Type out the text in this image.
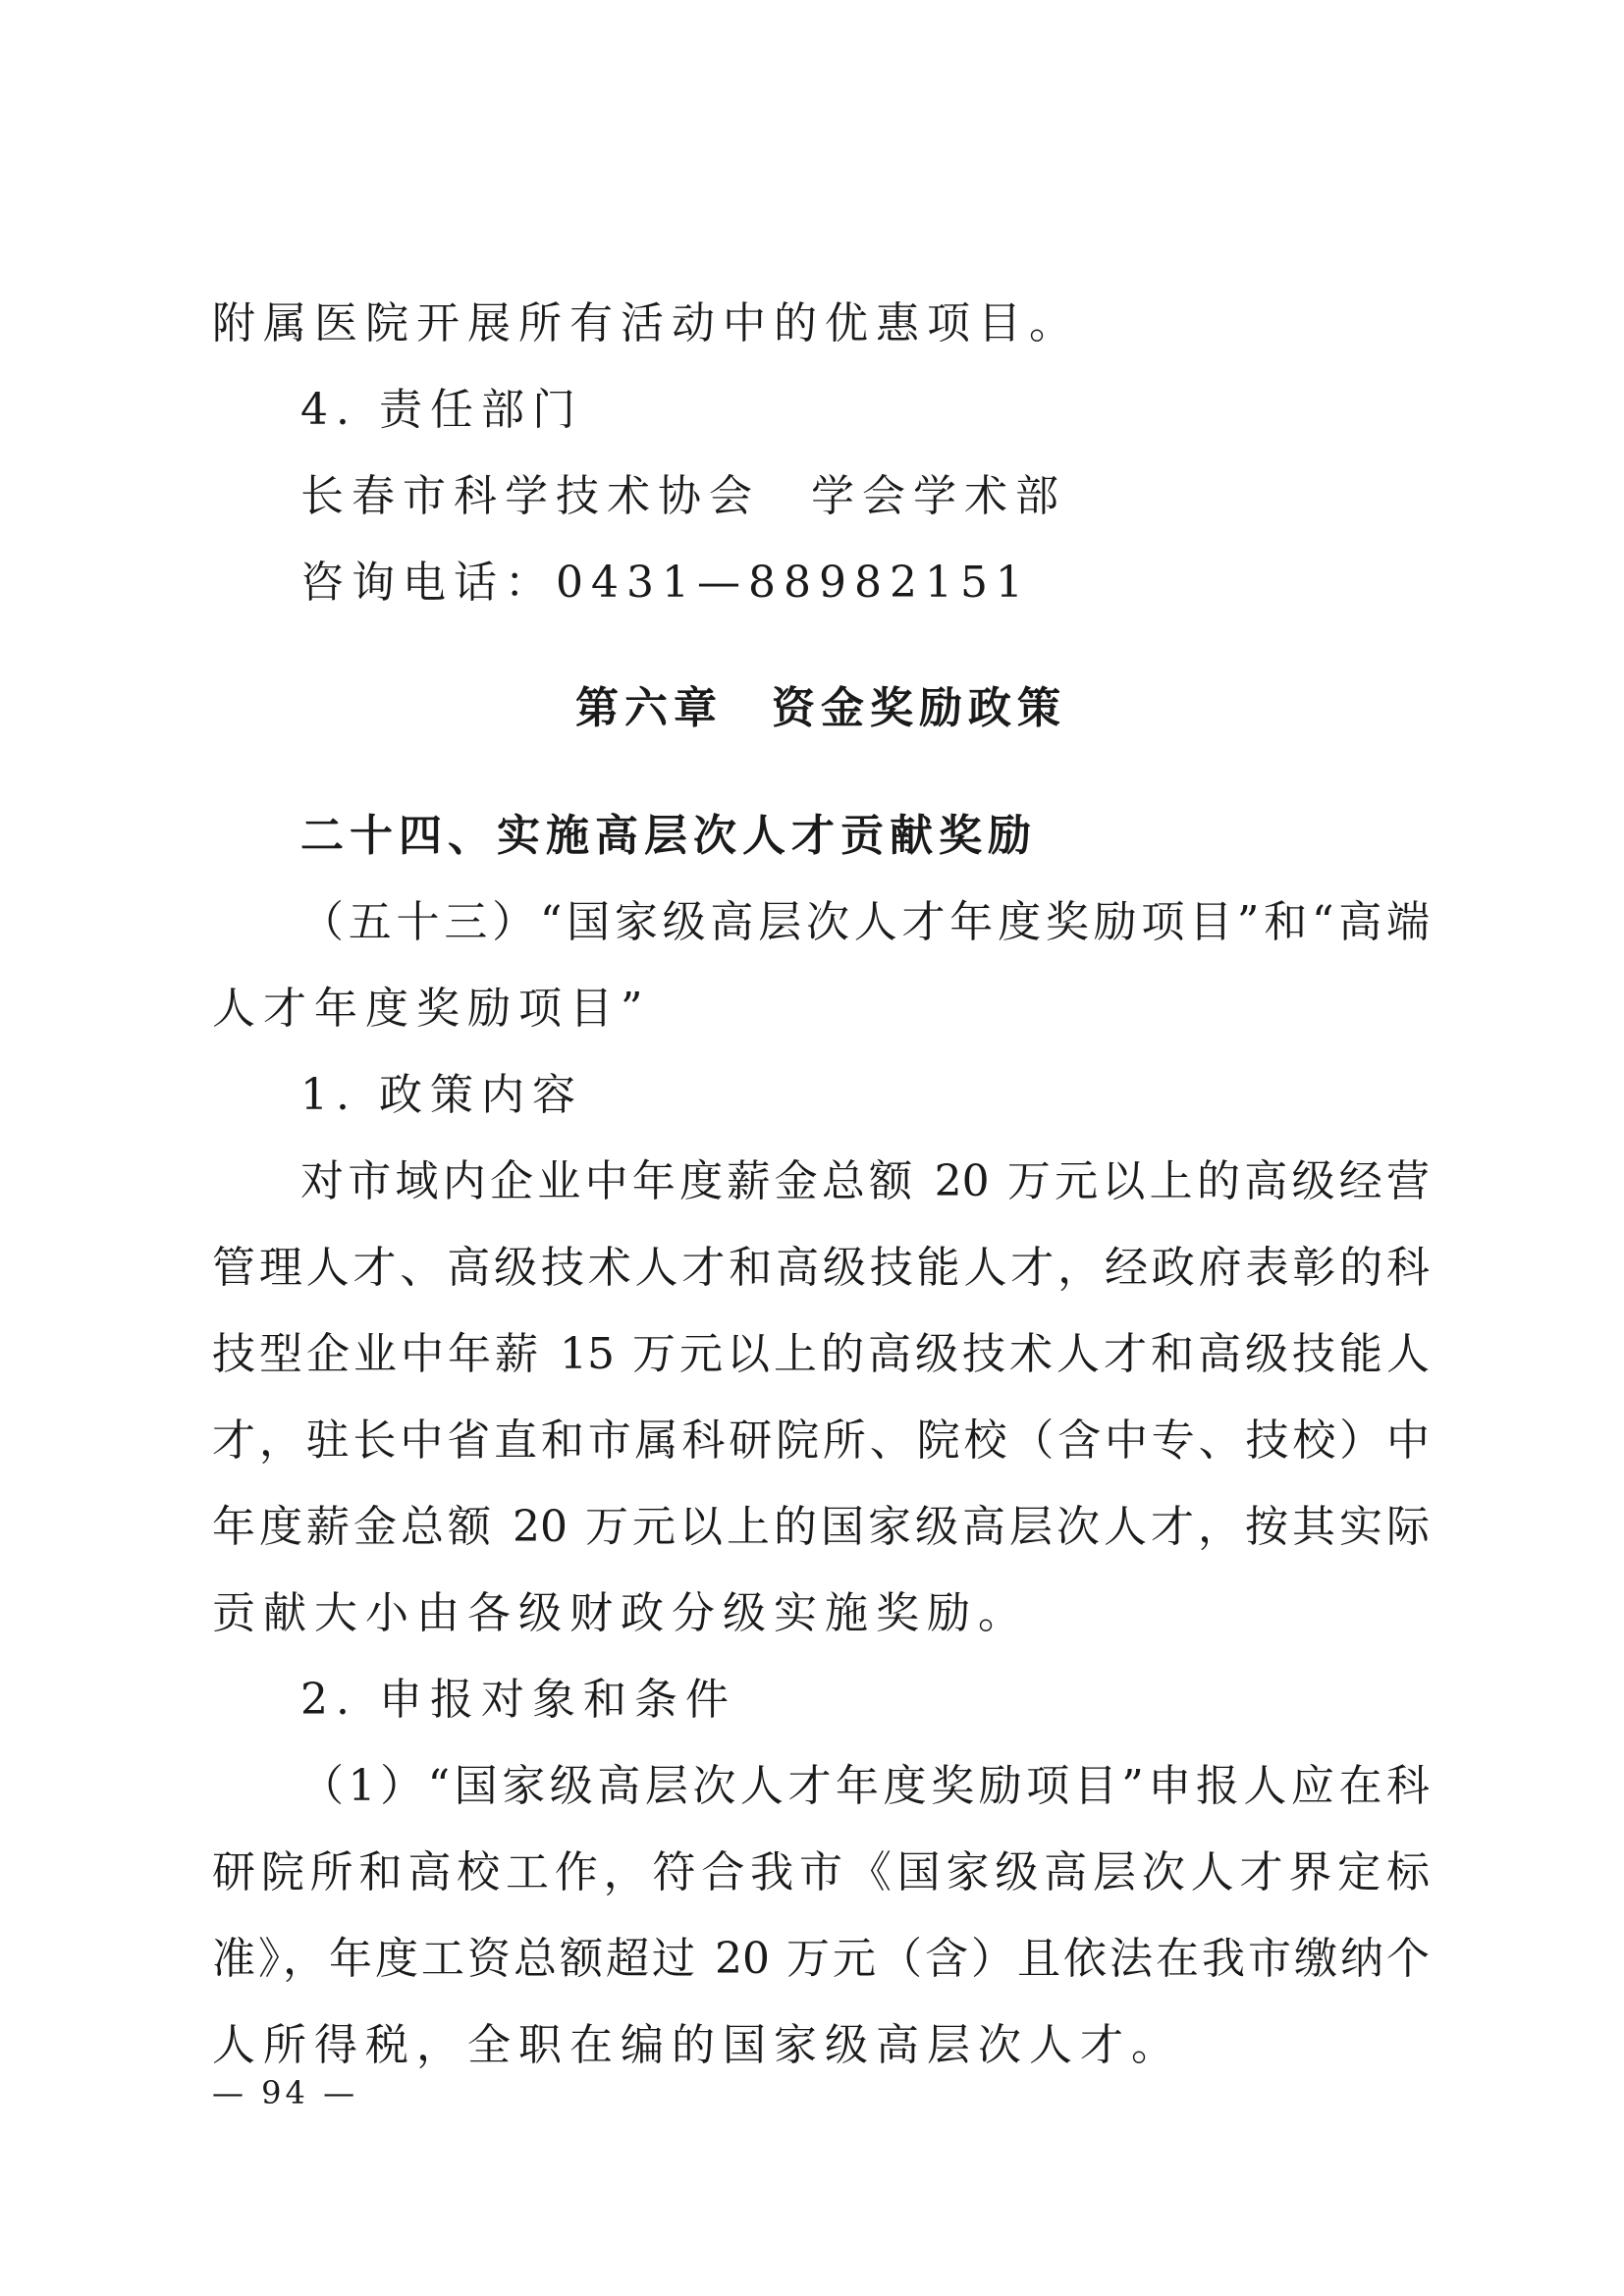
附属医院开展所有活动中的优惠项目。
4. 责任部门
长春市科学技术协会　学会学术部
咨询电话：0431—88982151
第六章　资金奖励政策
二十四、实施高层次人才贡献奖励
（五十三）“国家级高层次人才年度奖励项目”和“高端
人才年度奖励项目”
1. 政策内容
对市域内企业中年度薪金总额 20 万元以上的高级经营
管理人才、高级技术人才和高级技能人才，经政府表彰的科
技型企业中年薪 15 万元以上的高级技术人才和高级技能人
才，驻长中省直和市属科研院所、院校（含中专、技校）中
年度薪金总额 20 万元以上的国家级高层次人才，按其实际
贡献大小由各级财政分级实施奖励。
2. 申报对象和条件
（1）“国家级高层次人才年度奖励项目”申报人应在科
研院所和高校工作，符合我市《国家级高层次人才界定标
准》，年度工资总额超过 20 万元（含）且依法在我市缴纳个
人所得税，全职在编的国家级高层次人才。
— 94 —
